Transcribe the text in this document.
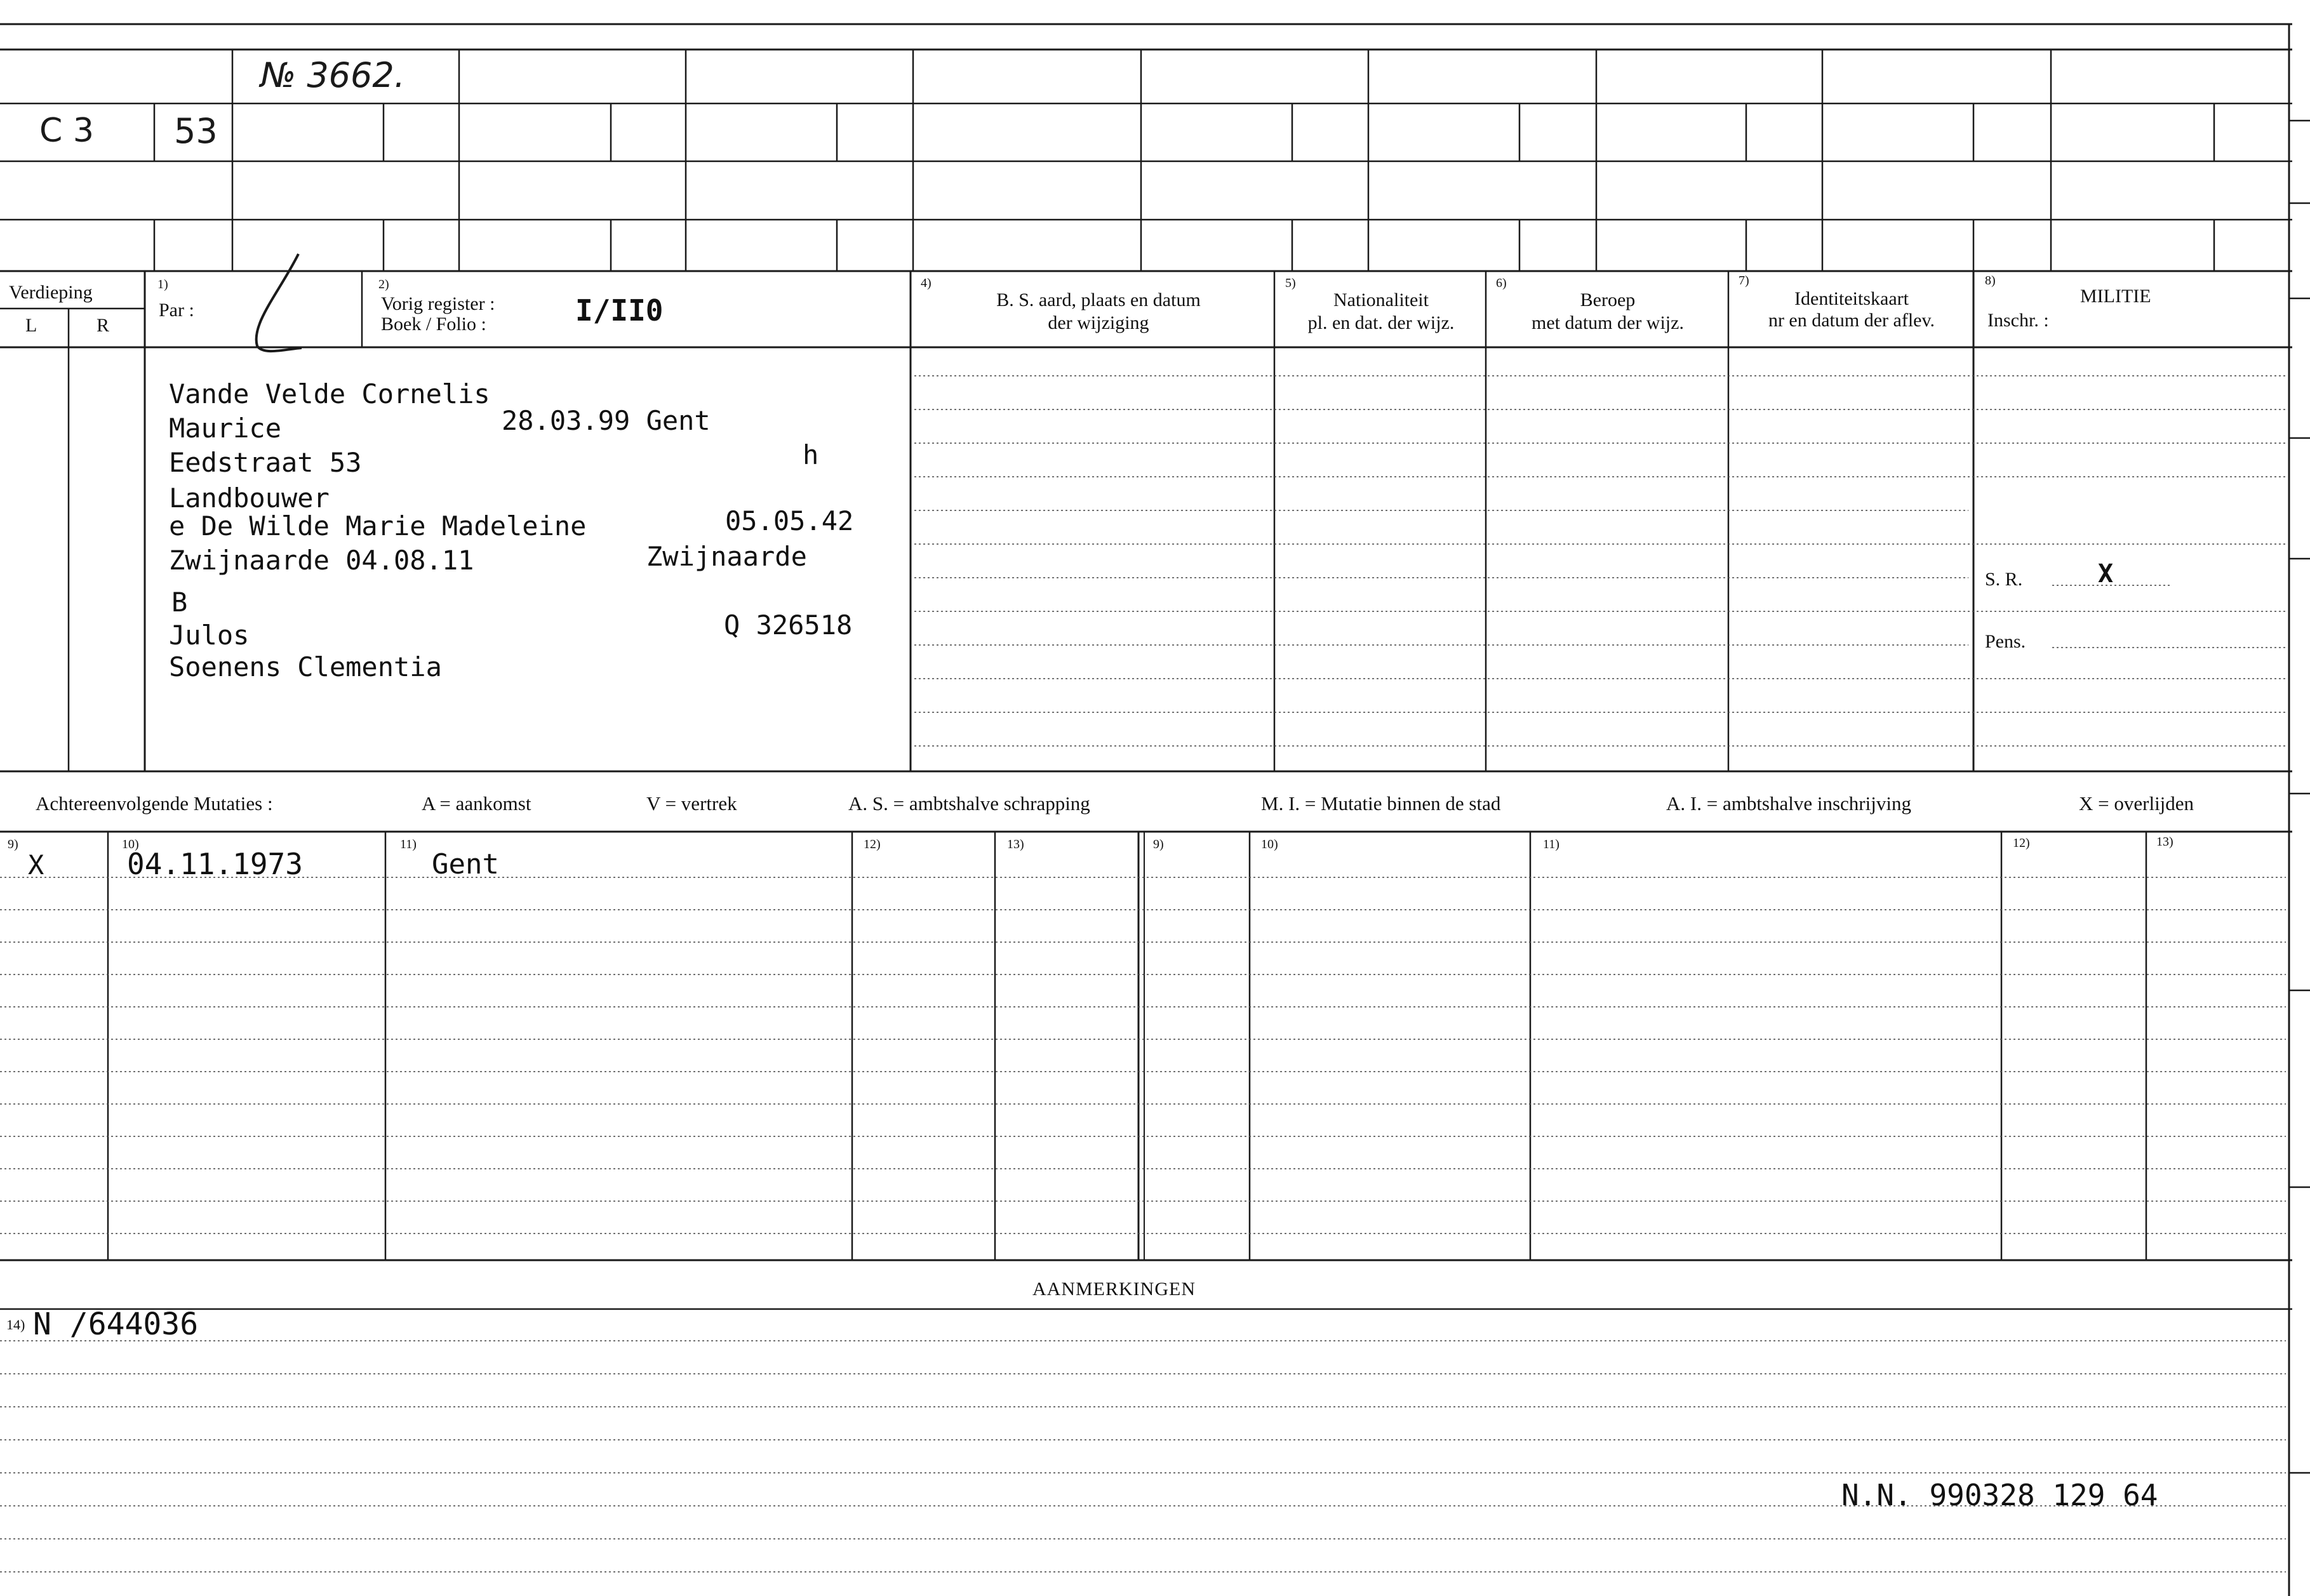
№ 3662.
C 3 53
Verdieping
L	R
1)
Par :
2)
Vorig register :
Boek / Folio :	I/II0
4)
B. S. aard, plaats en datum
der wijziging
5)
Nationaliteit
pl. en dat. der wijz.
6)
Beroep
met datum der wijz.
7)
Identiteitskaart
nr en datum der aflev.
8)
MILITIE
Inschr. :
S. R.	X
Pens.
Vande Velde Cornelis
Maurice	28.03.99 Gent
Eedstraat 53	h
Landbouwer
e De Wilde Marie Madeleine	05.05.42
Zwijnaarde 04.08.11	Zwijnaarde
B
Julos	Q 326518
Soenens Clementia
Achtereenvolgende Mutaties :	A = aankomst	V = vertrek	A. S. = ambtshalve schrapping	M. I. = Mutatie binnen de stad	A. I. = ambtshalve inschrijving	X = overlijden
9)	10)	11)	12)	13)	9)	10)	11)	12)	13)
X	04.11.1973	Gent
AANMERKINGEN
14) N /644036
N.N. 990328 129 64
